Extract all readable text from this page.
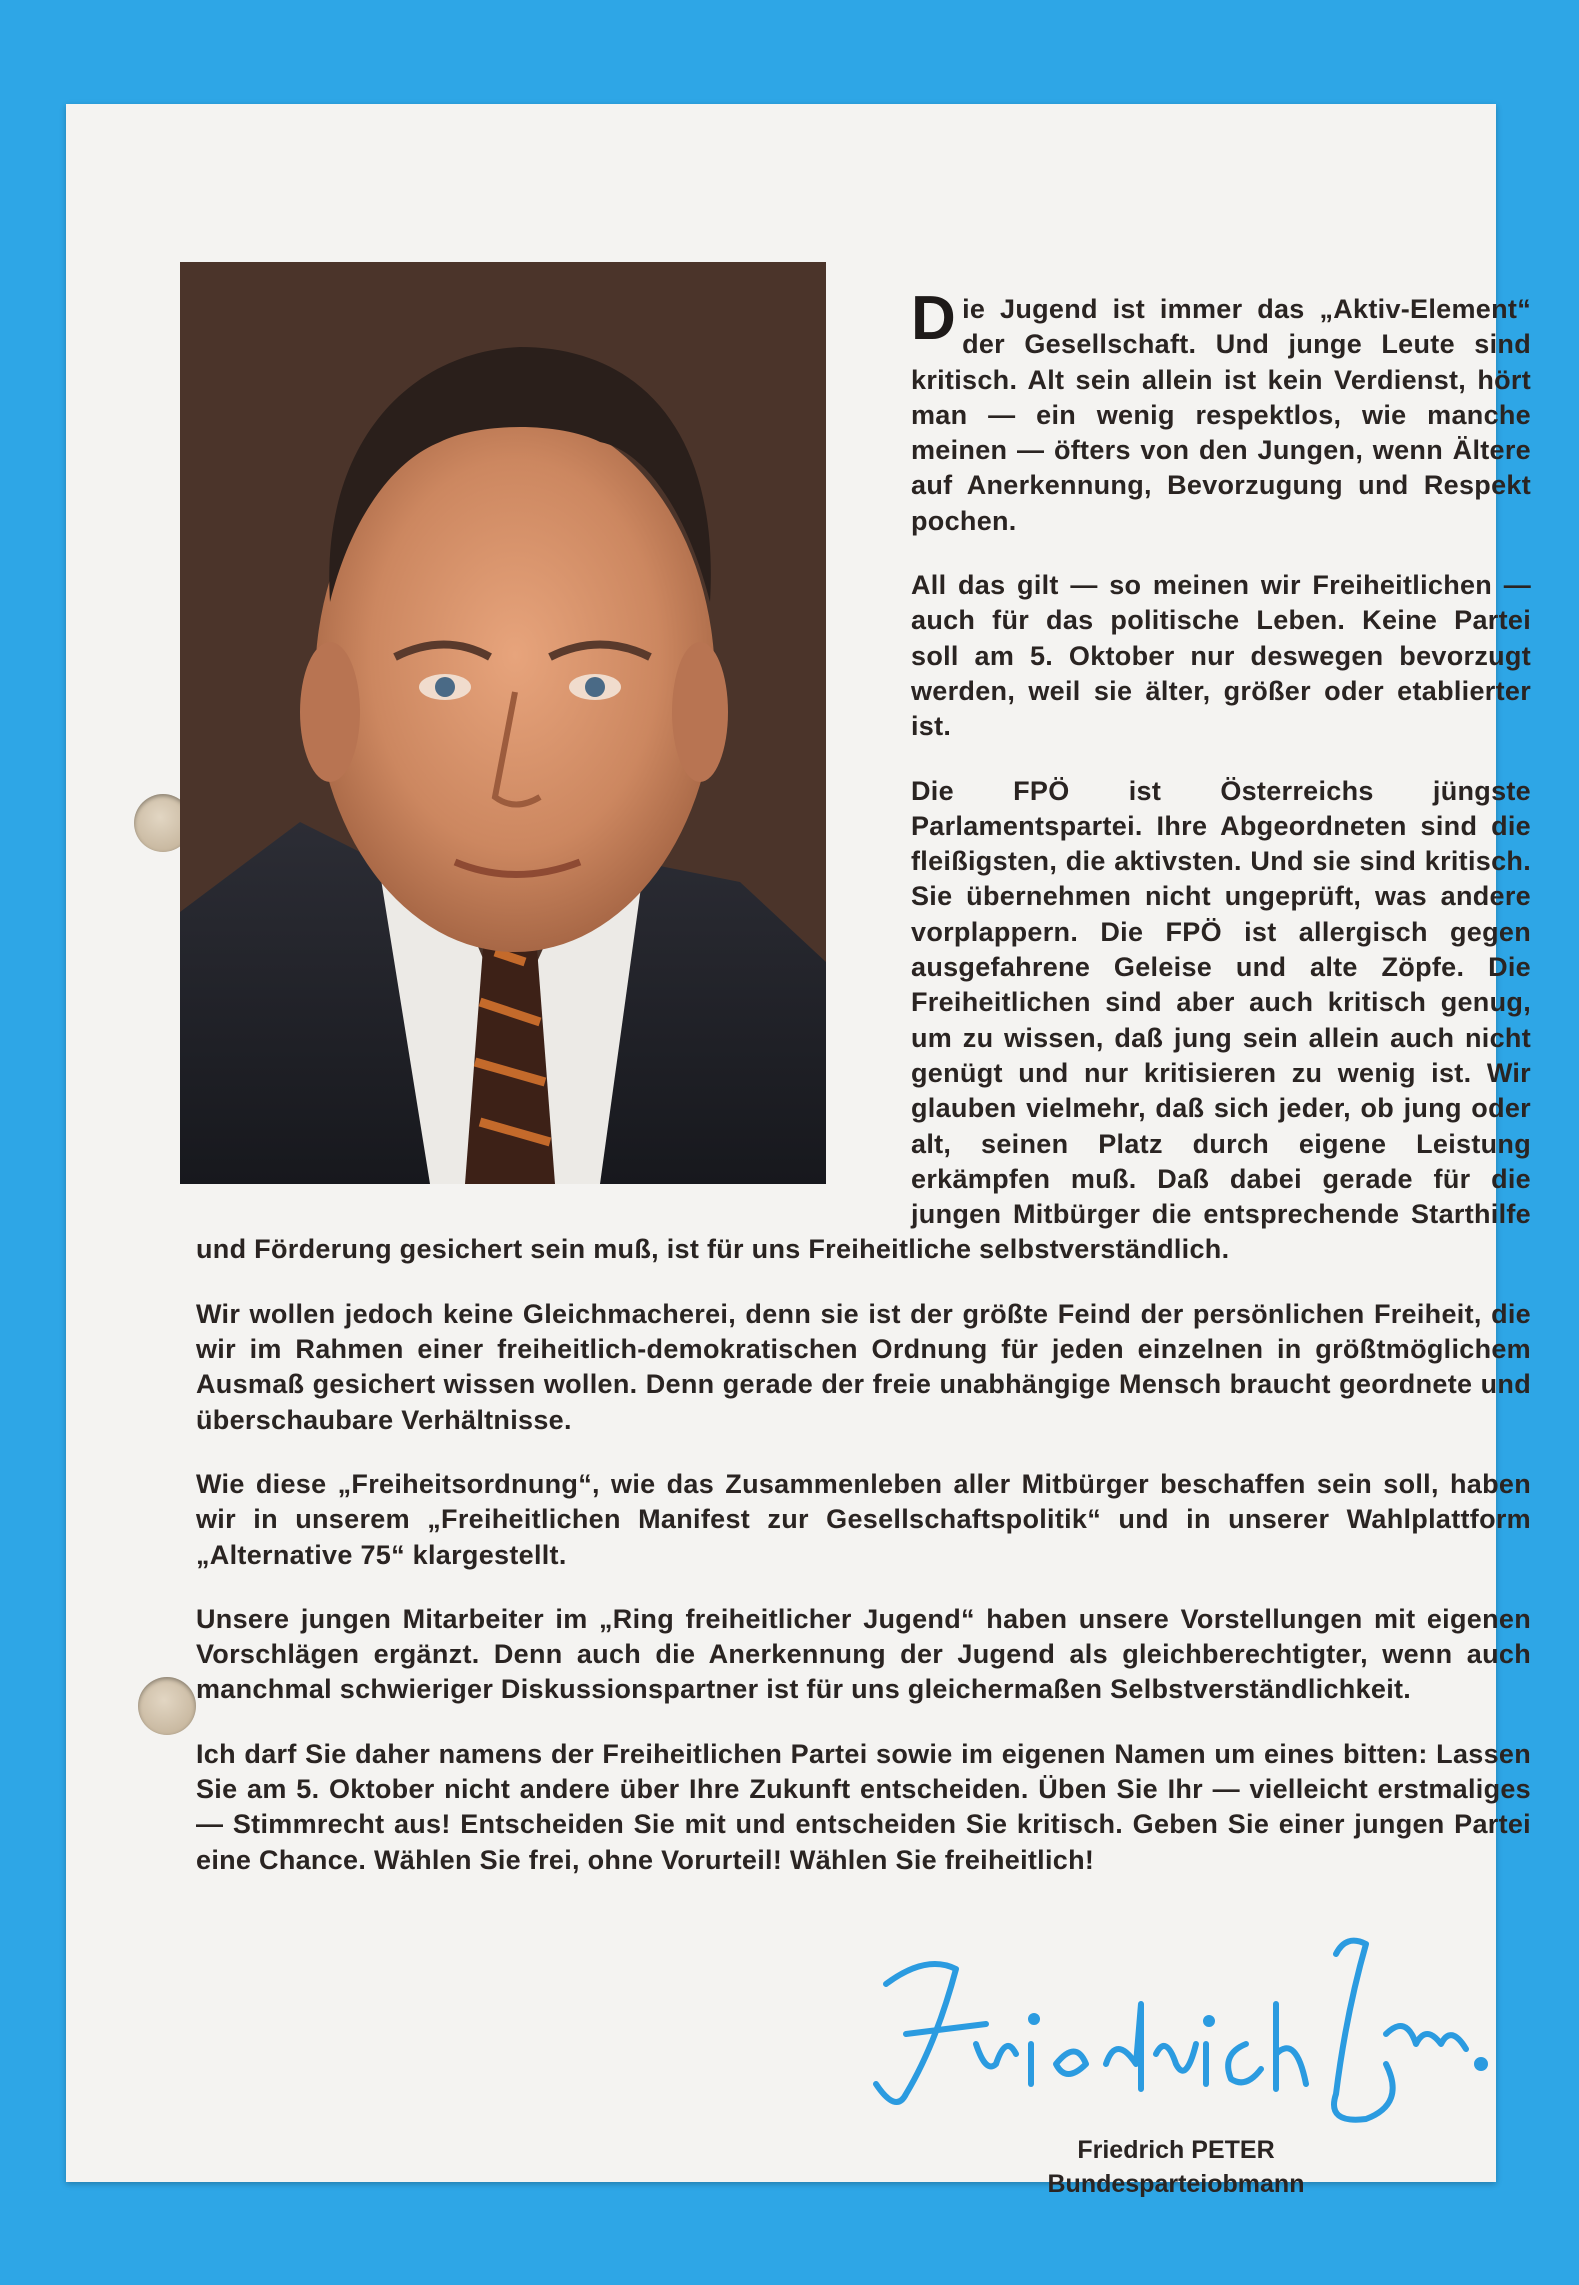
Die Jugend ist immer das „Aktiv-Element“ der Gesellschaft. Und junge Leute sind kritisch. Alt sein allein ist kein Verdienst, hört man — ein wenig respektlos, wie manche meinen — öfters von den Jungen, wenn Ältere auf Anerkennung, Bevorzugung und Respekt pochen.

All das gilt — so meinen wir Freiheitlichen — auch für das politische Leben. Keine Partei soll am 5. Oktober nur deswegen bevorzugt werden, weil sie älter, größer oder etablierter ist.

Die FPÖ ist Österreichs jüngste Parlamentspartei. Ihre Abgeordneten sind die fleißigsten, die aktivsten. Und sie sind kritisch. Sie übernehmen nicht ungeprüft, was andere vorplappern. Die FPÖ ist allergisch gegen ausgefahrene Geleise und alte Zöpfe. Die Freiheitlichen sind aber auch kritisch genug, um zu wissen, daß jung sein allein auch nicht genügt und nur kritisieren zu wenig ist. Wir glauben vielmehr, daß sich jeder, ob jung oder alt, seinen Platz durch eigene Leistung erkämpfen muß. Daß dabei gerade für die jungen Mitbürger die entsprechende Starthilfe und Förderung gesichert sein muß, ist für uns Freiheitliche selbstverständlich.

Wir wollen jedoch keine Gleichmacherei, denn sie ist der größte Feind der persönlichen Freiheit, die wir im Rahmen einer freiheitlich-demokratischen Ordnung für jeden einzelnen in größtmöglichem Ausmaß gesichert wissen wollen. Denn gerade der freie unabhängige Mensch braucht geordnete und überschaubare Verhältnisse.

Wie diese „Freiheitsordnung“, wie das Zusammenleben aller Mitbürger beschaffen sein soll, haben wir in unserem „Freiheitlichen Manifest zur Gesellschaftspolitik“ und in unserer Wahlplattform „Alternative 75“ klargestellt.

Unsere jungen Mitarbeiter im „Ring freiheitlicher Jugend“ haben unsere Vorstellungen mit eigenen Vorschlägen ergänzt. Denn auch die Anerkennung der Jugend als gleichberechtigter, wenn auch manchmal schwieriger Diskussionspartner ist für uns gleichermaßen Selbstverständlichkeit.

Ich darf Sie daher namens der Freiheitlichen Partei sowie im eigenen Namen um eines bitten: Lassen Sie am 5. Oktober nicht andere über Ihre Zukunft entscheiden. Üben Sie Ihr — vielleicht erstmaliges — Stimmrecht aus! Entscheiden Sie mit und entscheiden Sie kritisch. Geben Sie einer jungen Partei eine Chance. Wählen Sie frei, ohne Vorurteil! Wählen Sie freiheitlich!

Friedrich PETER
Bundesparteiobmann
